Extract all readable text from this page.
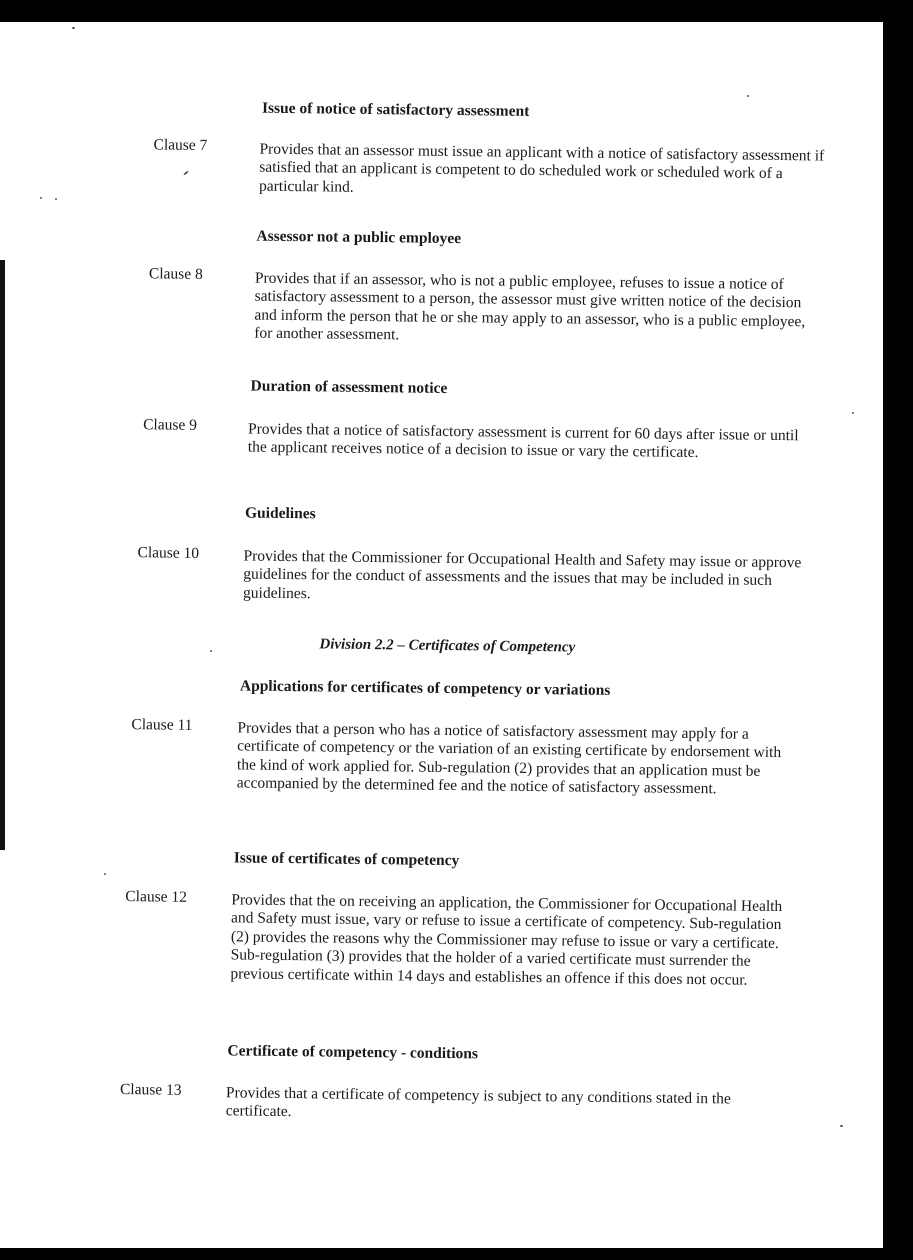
Issue of notice of satisfactory assessment
Clause 7	Provides that an assessor must issue an applicant with a notice of satisfactory assessment if satisfied that an applicant is competent to do scheduled work or scheduled work of a particular kind.
Assessor not a public employee
Clause 8	Provides that if an assessor, who is not a public employee, refuses to issue a notice of satisfactory assessment to a person, the assessor must give written notice of the decision and inform the person that he or she may apply to an assessor, who is a public employee, for another assessment.
Duration of assessment notice
Clause 9	Provides that a notice of satisfactory assessment is current for 60 days after issue or until the applicant receives notice of a decision to issue or vary the certificate.
Guidelines
Clause 10	Provides that the Commissioner for Occupational Health and Safety may issue or approve guidelines for the conduct of assessments and the issues that may be included in such guidelines.
Division 2.2 – Certificates of Competency
Applications for certificates of competency or variations
Clause 11	Provides that a person who has a notice of satisfactory assessment may apply for a certificate of competency or the variation of an existing certificate by endorsement with the kind of work applied for. Sub-regulation (2) provides that an application must be accompanied by the determined fee and the notice of satisfactory assessment.
Issue of certificates of competency
Clause 12	Provides that the on receiving an application, the Commissioner for Occupational Health and Safety must issue, vary or refuse to issue a certificate of competency. Sub-regulation (2) provides the reasons why the Commissioner may refuse to issue or vary a certificate. Sub-regulation (3) provides that the holder of a varied certificate must surrender the previous certificate within 14 days and establishes an offence if this does not occur.
Certificate of competency - conditions
Clause 13	Provides that a certificate of competency is subject to any conditions stated in the certificate.
